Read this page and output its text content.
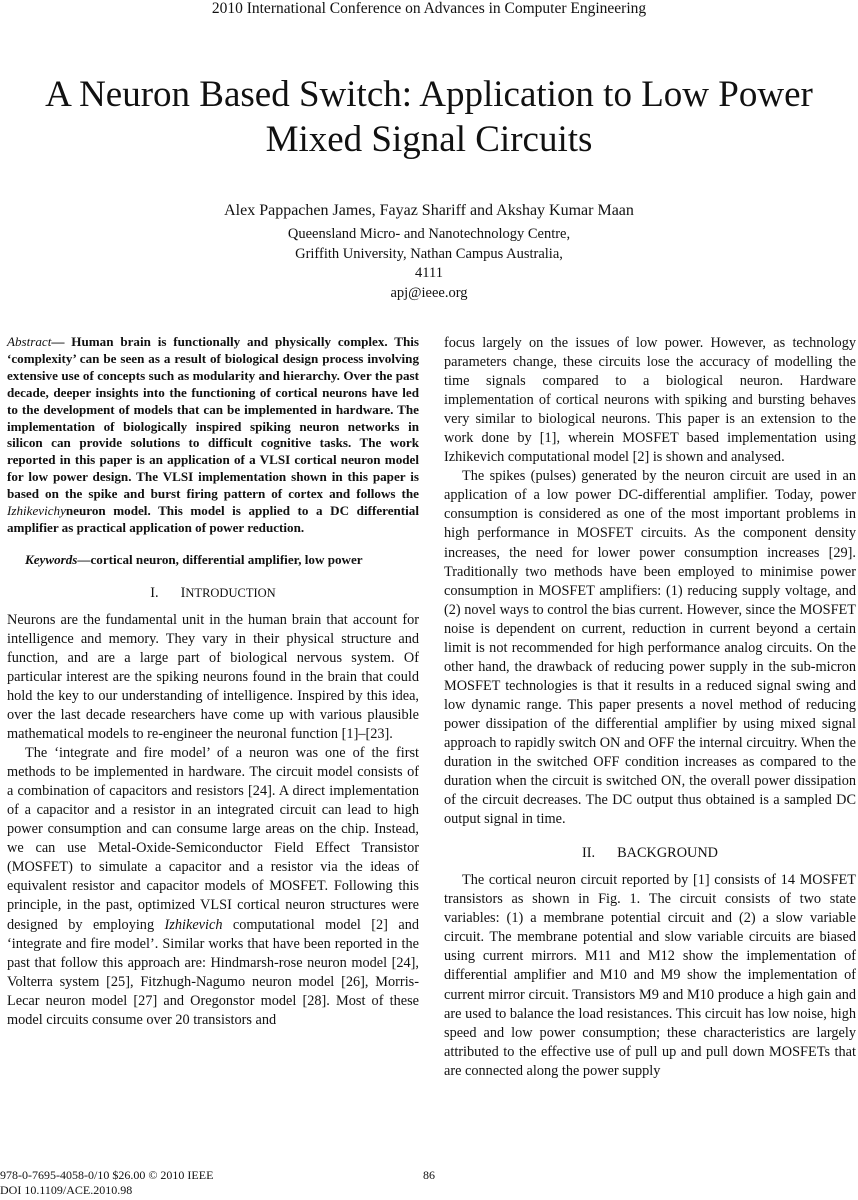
2010 International Conference on Advances in Computer Engineering
A Neuron Based Switch: Application to Low Power
Mixed Signal Circuits
Alex Pappachen James, Fayaz Shariff and Akshay Kumar Maan
Queensland Micro- and Nanotechnology Centre,
Griffith University, Nathan Campus Australia,
4111
apj@ieee.org

Abstract— Human brain is functionally and physically complex. This ‘complexity’ can be seen as a result of biological design process involving extensive use of concepts such as modularity and hierarchy. Over the past decade, deeper insights into the functioning of cortical neurons have led to the development of models that can be implemented in hardware. The implementation of biologically inspired spiking neuron networks in silicon can provide solutions to difficult cognitive tasks. The work reported in this paper is an application of a VLSI cortical neuron model for low power design. The VLSI implementation shown in this paper is based on the spike and burst firing pattern of cortex and follows the Izhikevichyneuron model. This model is applied to a DC differential amplifier as practical application of power reduction.

Keywords—cortical neuron, differential amplifier, low power

I. INTRODUCTION

Neurons are the fundamental unit in the human brain that account for intelligence and memory. They vary in their physical structure and function, and are a large part of biological nervous system. Of particular interest are the spiking neurons found in the brain that could hold the key to our understanding of intelligence. Inspired by this idea, over the last decade researchers have come up with various plausible mathematical models to re-engineer the neuronal function [1]–[23].

The ‘integrate and fire model’ of a neuron was one of the first methods to be implemented in hardware. The circuit model consists of a combination of capacitors and resistors [24]. A direct implementation of a capacitor and a resistor in an integrated circuit can lead to high power consumption and can consume large areas on the chip. Instead, we can use Metal-Oxide-Semiconductor Field Effect Transistor (MOSFET) to simulate a capacitor and a resistor via the ideas of equivalent resistor and capacitor models of MOSFET. Following this principle, in the past, optimized VLSI cortical neuron structures were designed by employing Izhikevich computational model [2] and ‘integrate and fire model’. Similar works that have been reported in the past that follow this approach are: Hindmarsh-rose neuron model [24], Volterra system [25], Fitzhugh-Nagumo neuron model [26], Morris- Lecar neuron model [27] and Oregonstor model [28]. Most of these model circuits consume over 20 transistors and

focus largely on the issues of low power. However, as technology parameters change, these circuits lose the accuracy of modelling the time signals compared to a biological neuron. Hardware implementation of cortical neurons with spiking and bursting behaves very similar to biological neurons. This paper is an extension to the work done by [1], wherein MOSFET based implementation using Izhikevich computational model [2] is shown and analysed.

The spikes (pulses) generated by the neuron circuit are used in an application of a low power DC-differential amplifier. Today, power consumption is considered as one of the most important problems in high performance in MOSFET circuits. As the component density increases, the need for lower power consumption increases [29]. Traditionally two methods have been employed to minimise power consumption in MOSFET amplifiers: (1) reducing supply voltage, and (2) novel ways to control the bias current. However, since the MOSFET noise is dependent on current, reduction in current beyond a certain limit is not recommended for high performance analog circuits. On the other hand, the drawback of reducing power supply in the sub-micron MOSFET technologies is that it results in a reduced signal swing and low dynamic range. This paper presents a novel method of reducing power dissipation of the differential amplifier by using mixed signal approach to rapidly switch ON and OFF the internal circuitry. When the duration in the switched OFF condition increases as compared to the duration when the circuit is switched ON, the overall power dissipation of the circuit decreases. The DC output thus obtained is a sampled DC output signal in time.

II. BACKGROUND

The cortical neuron circuit reported by [1] consists of 14 MOSFET transistors as shown in Fig. 1. The circuit consists of two state variables: (1) a membrane potential circuit and (2) a slow variable circuit. The membrane potential and slow variable circuits are biased using current mirrors. M11 and M12 show the implementation of differential amplifier and M10 and M9 show the implementation of current mirror circuit. Transistors M9 and M10 produce a high gain and are used to balance the load resistances. This circuit has low noise, high speed and low power consumption; these characteristics are largely attributed to the effective use of pull up and pull down MOSFETs that are connected along the power supply

978-0-7695-4058-0/10 $26.00 © 2010 IEEE
DOI 10.1109/ACE.2010.98
86
